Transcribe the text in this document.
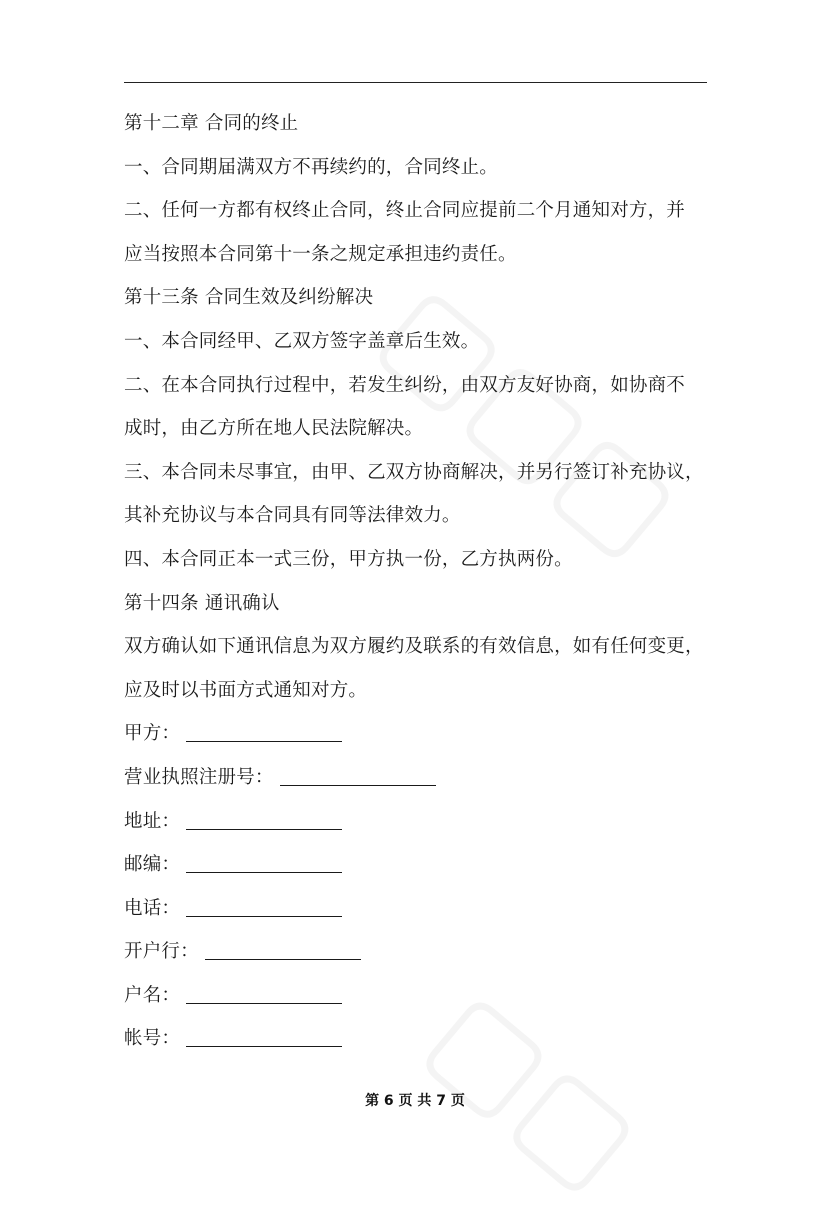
第十二章 合同的终止
一、合同期届满双方不再续约的，合同终止。
二、任何一方都有权终止合同，终止合同应提前二个月通知对方，并
应当按照本合同第十一条之规定承担违约责任。
第十三条 合同生效及纠纷解决
一、本合同经甲、乙双方签字盖章后生效。
二、在本合同执行过程中，若发生纠纷，由双方友好协商，如协商不
成时，由乙方所在地人民法院解决。
三、本合同未尽事宜，由甲、乙双方协商解决，并另行签订补充协议，
其补充协议与本合同具有同等法律效力。
四、本合同正本一式三份，甲方执一份，乙方执两份。
第十四条 通讯确认
双方确认如下通讯信息为双方履约及联系的有效信息，如有任何变更，
应及时以书面方式通知对方。
甲方：
营业执照注册号：
地址：
邮编：
电话：
开户行：
户名：
帐号：
第 6 页 共 7 页
